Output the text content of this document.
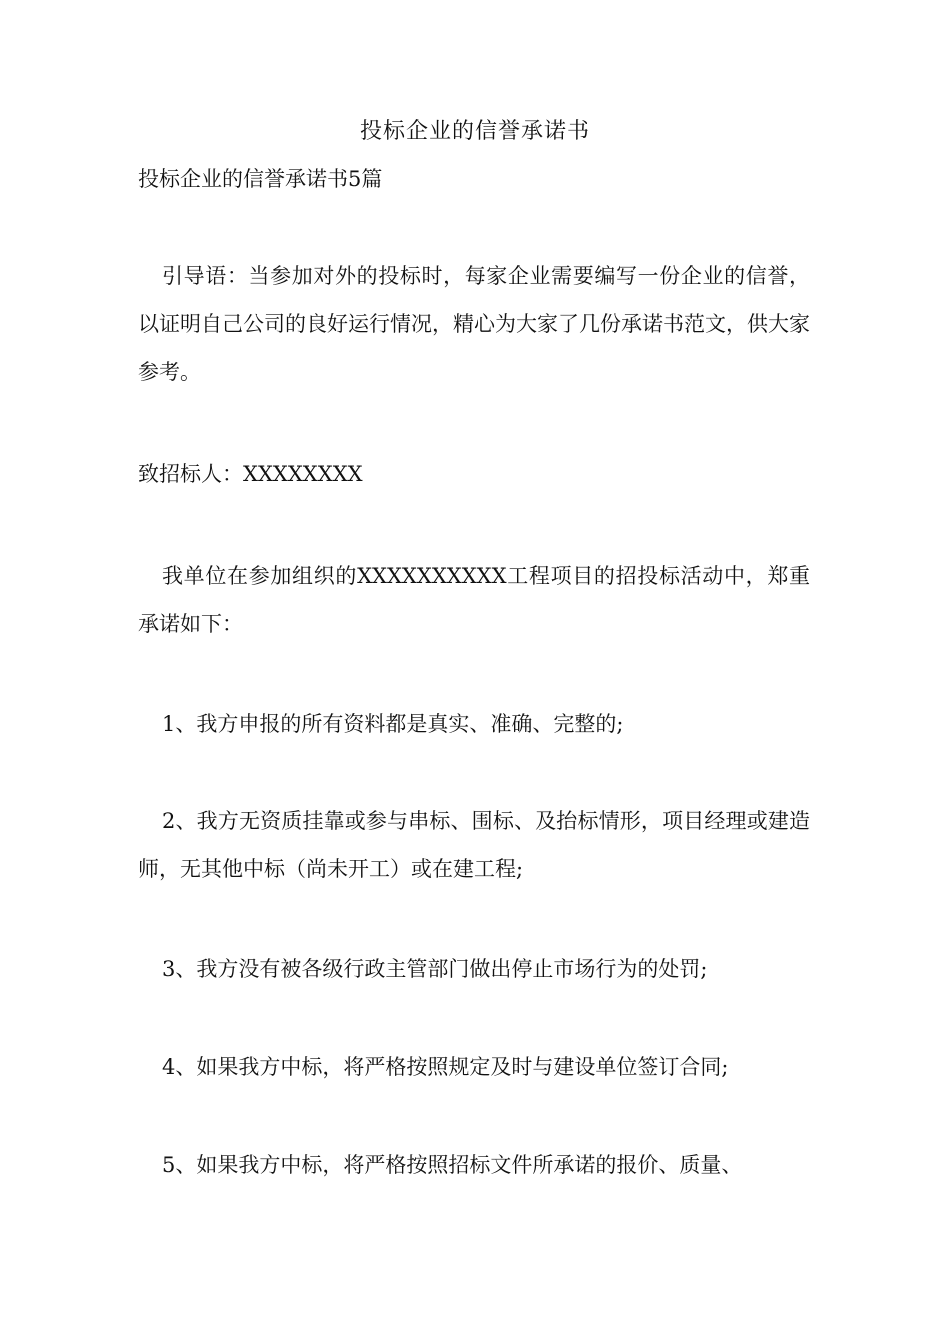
投标企业的信誉承诺书
投标企业的信誉承诺书5篇

引导语：当参加对外的投标时，每家企业需要编写一份企业的信誉，以证明自己公司的良好运行情况，精心为大家了几份承诺书范文，供大家参考。

致招标人：XXXXXXXX

我单位在参加组织的XXXXXXXXXX工程项目的招投标活动中，郑重承诺如下：

1、我方申报的所有资料都是真实、准确、完整的;

2、我方无资质挂靠或参与串标、围标、及抬标情形，项目经理或建造师，无其他中标（尚未开工）或在建工程;

3、我方没有被各级行政主管部门做出停止市场行为的处罚;

4、如果我方中标，将严格按照规定及时与建设单位签订合同;

5、如果我方中标，将严格按照招标文件所承诺的报价、质量、
